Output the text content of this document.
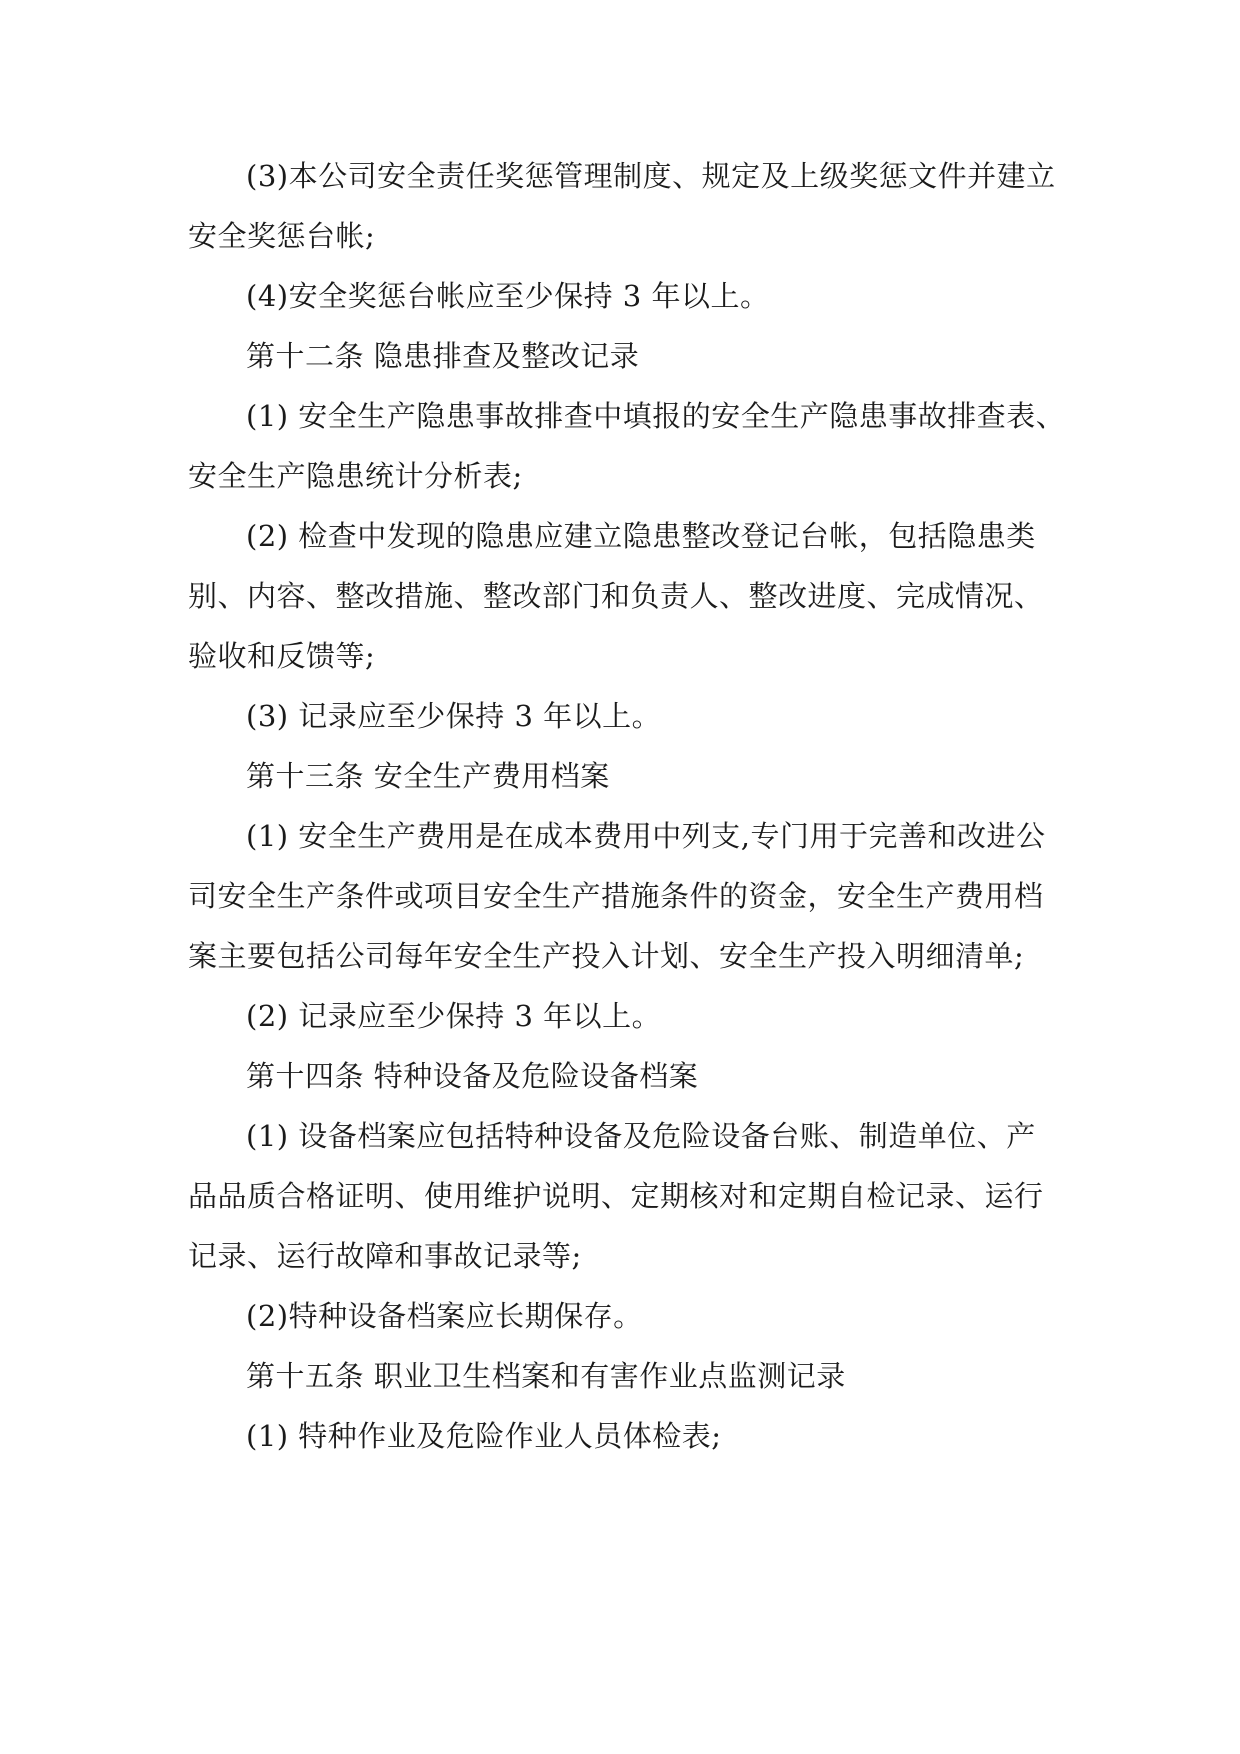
(3)本公司安全责任奖惩管理制度、规定及上级奖惩文件并建立
安全奖惩台帐;
(4)安全奖惩台帐应至少保持 3 年以上。
第十二条 隐患排查及整改记录
(1) 安全生产隐患事故排查中填报的安全生产隐患事故排查表、
安全生产隐患统计分析表;
(2) 检查中发现的隐患应建立隐患整改登记台帐，包括隐患类
别、内容、整改措施、整改部门和负责人、整改进度、完成情况、
验收和反馈等;
(3) 记录应至少保持 3 年以上。
第十三条 安全生产费用档案
(1) 安全生产费用是在成本费用中列支,专门用于完善和改进公
司安全生产条件或项目安全生产措施条件的资金，安全生产费用档
案主要包括公司每年安全生产投入计划、安全生产投入明细清单;
(2) 记录应至少保持 3 年以上。
第十四条 特种设备及危险设备档案
(1) 设备档案应包括特种设备及危险设备台账、制造单位、产
品品质合格证明、使用维护说明、定期核对和定期自检记录、运行
记录、运行故障和事故记录等;
(2)特种设备档案应长期保存。
第十五条 职业卫生档案和有害作业点监测记录
(1) 特种作业及危险作业人员体检表;
